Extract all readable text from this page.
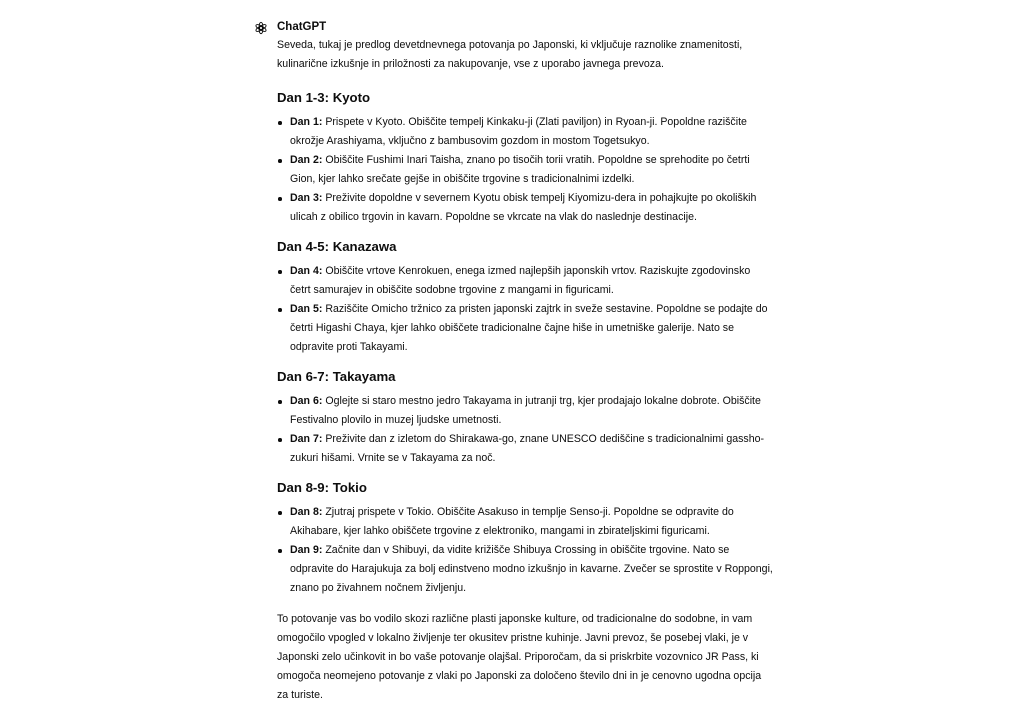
ChatGPT

Seveda, tukaj je predlog devetdnevnega potovanja po Japonski, ki vključuje raznolike znamenitosti, kulinarične izkušnje in priložnosti za nakupovanje, vse z uporabo javnega prevoza.

Dan 1-3: Kyoto
Dan 1: Prispete v Kyoto. Obiščite tempelj Kinkaku-ji (Zlati paviljon) in Ryoan-ji. Popoldne raziščite okrožje Arashiyama, vključno z bambusovim gozdom in mostom Togetsukyo.
Dan 2: Obiščite Fushimi Inari Taisha, znano po tisočih torii vratih. Popoldne se sprehodite po četrti Gion, kjer lahko srečate gejše in obiščite trgovine s tradicionalnimi izdelki.
Dan 3: Preživite dopoldne v severnem Kyotu obisk tempelj Kiyomizu-dera in pohajkujte po okoliških ulicah z obilico trgovin in kavarn. Popoldne se vkrcate na vlak do naslednje destinacije.
Dan 4-5: Kanazawa
Dan 4: Obiščite vrtove Kenrokuen, enega izmed najlepših japonskih vrtov. Raziskujte zgodovinsko četrt samurajev in obiščite sodobne trgovine z mangami in figuricami.
Dan 5: Raziščite Omicho tržnico za pristen japonski zajtrk in sveže sestavine. Popoldne se podajte do četrti Higashi Chaya, kjer lahko obiščete tradicionalne čajne hiše in umetniške galerije. Nato se odpravite proti Takayami.
Dan 6-7: Takayama
Dan 6: Oglejte si staro mestno jedro Takayama in jutranji trg, kjer prodajajo lokalne dobrote. Obiščite Festivalno plovilo in muzej ljudske umetnosti.
Dan 7: Preživite dan z izletom do Shirakawa-go, znane UNESCO dediščine s tradicionalnimi gassho-zukuri hišami. Vrnite se v Takayama za noč.
Dan 8-9: Tokio
Dan 8: Zjutraj prispete v Tokio. Obiščite Asakuso in templje Senso-ji. Popoldne se odpravite do Akihabare, kjer lahko obiščete trgovine z elektroniko, mangami in zbirateljskimi figuricami.
Dan 9: Začnite dan v Shibuyi, da vidite križišče Shibuya Crossing in obiščite trgovine. Nato se odpravite do Harajukuja za bolj edinstveno modno izkušnjo in kavarne. Zvečer se sprostite v Roppongi, znano po živahnem nočnem življenju.

To potovanje vas bo vodilo skozi različne plasti japonske kulture, od tradicionalne do sodobne, in vam omogočilo vpogled v lokalno življenje ter okusitev pristne kuhinje. Javni prevoz, še posebej vlaki, je v Japonski zelo učinkovit in bo vaše potovanje olajšal. Priporočam, da si priskrbite vozovnico JR Pass, ki omogoča neomejeno potovanje z vlaki po Japonski za določeno število dni in je cenovno ugodna opcija za turiste.
